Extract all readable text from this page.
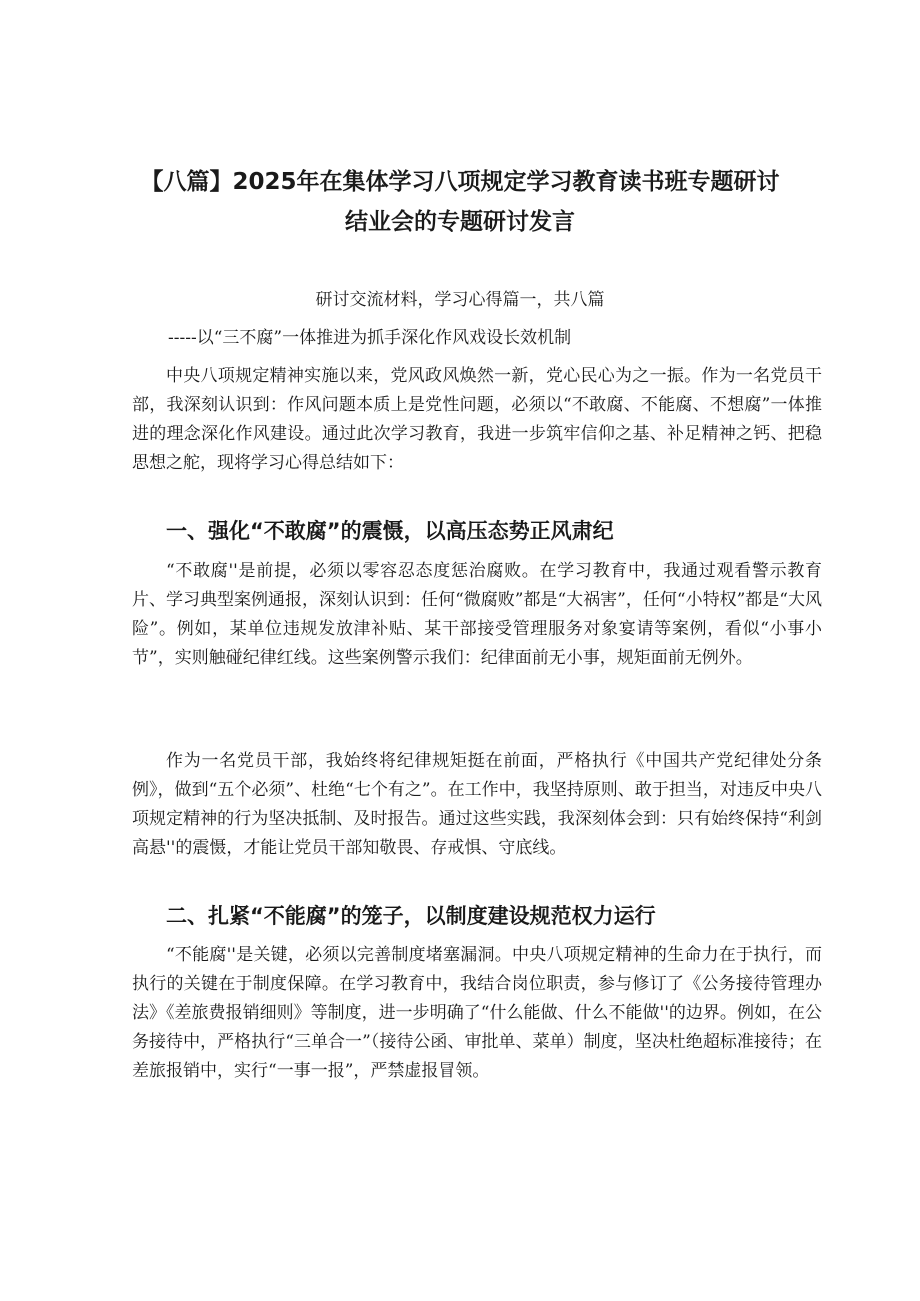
【八篇】2025年在集体学习八项规定学习教育读书班专题研讨
结业会的专题研讨发言
研讨交流材料，学习心得篇一，共八篇
-----以“三不腐”一体推进为抓手深化作风戏设长效机制

中央八项规定精神实施以来，党风政风焕然一新，党心民心为之一振。作为一名党员干部，我深刻认识到：作风问题本质上是党性问题，必须以“不敢腐、不能腐、不想腐”一体推进的理念深化作风建设。通过此次学习教育，我进一步筑牢信仰之基、补足精神之钙、把稳思想之舵，现将学习心得总结如下：

一、强化“不敢腐”的震慑，以高压态势正风肃纪

“不敢腐''是前提，必须以零容忍态度惩治腐败。在学习教育中，我通过观看警示教育片、学习典型案例通报，深刻认识到：任何“微腐败”都是“大祸害”，任何“小特权”都是“大风险”。例如，某单位违规发放津补贴、某干部接受管理服务对象宴请等案例，看似“小事小节”，实则触碰纪律红线。这些案例警示我们：纪律面前无小事，规矩面前无例外。

作为一名党员干部，我始终将纪律规矩挺在前面，严格执行《中国共产党纪律处分条例》，做到“五个必须”、杜绝“七个有之”。在工作中，我坚持原则、敢于担当，对违反中央八项规定精神的行为坚决抵制、及时报告。通过这些实践，我深刻体会到：只有始终保持“利剑高悬''的震慑，才能让党员干部知敬畏、存戒惧、守底线。

二、扎紧“不能腐”的笼子，以制度建设规范权力运行

“不能腐''是关键，必须以完善制度堵塞漏洞。中央八项规定精神的生命力在于执行，而执行的关键在于制度保障。在学习教育中，我结合岗位职责，参与修订了《公务接待管理办法》《差旅费报销细则》等制度，进一步明确了“什么能做、什么不能做''的边界。例如，在公务接待中，严格执行“三单合一”（接待公函、审批单、菜单）制度，坚决杜绝超标准接待；在差旅报销中，实行“一事一报”，严禁虚报冒领。
